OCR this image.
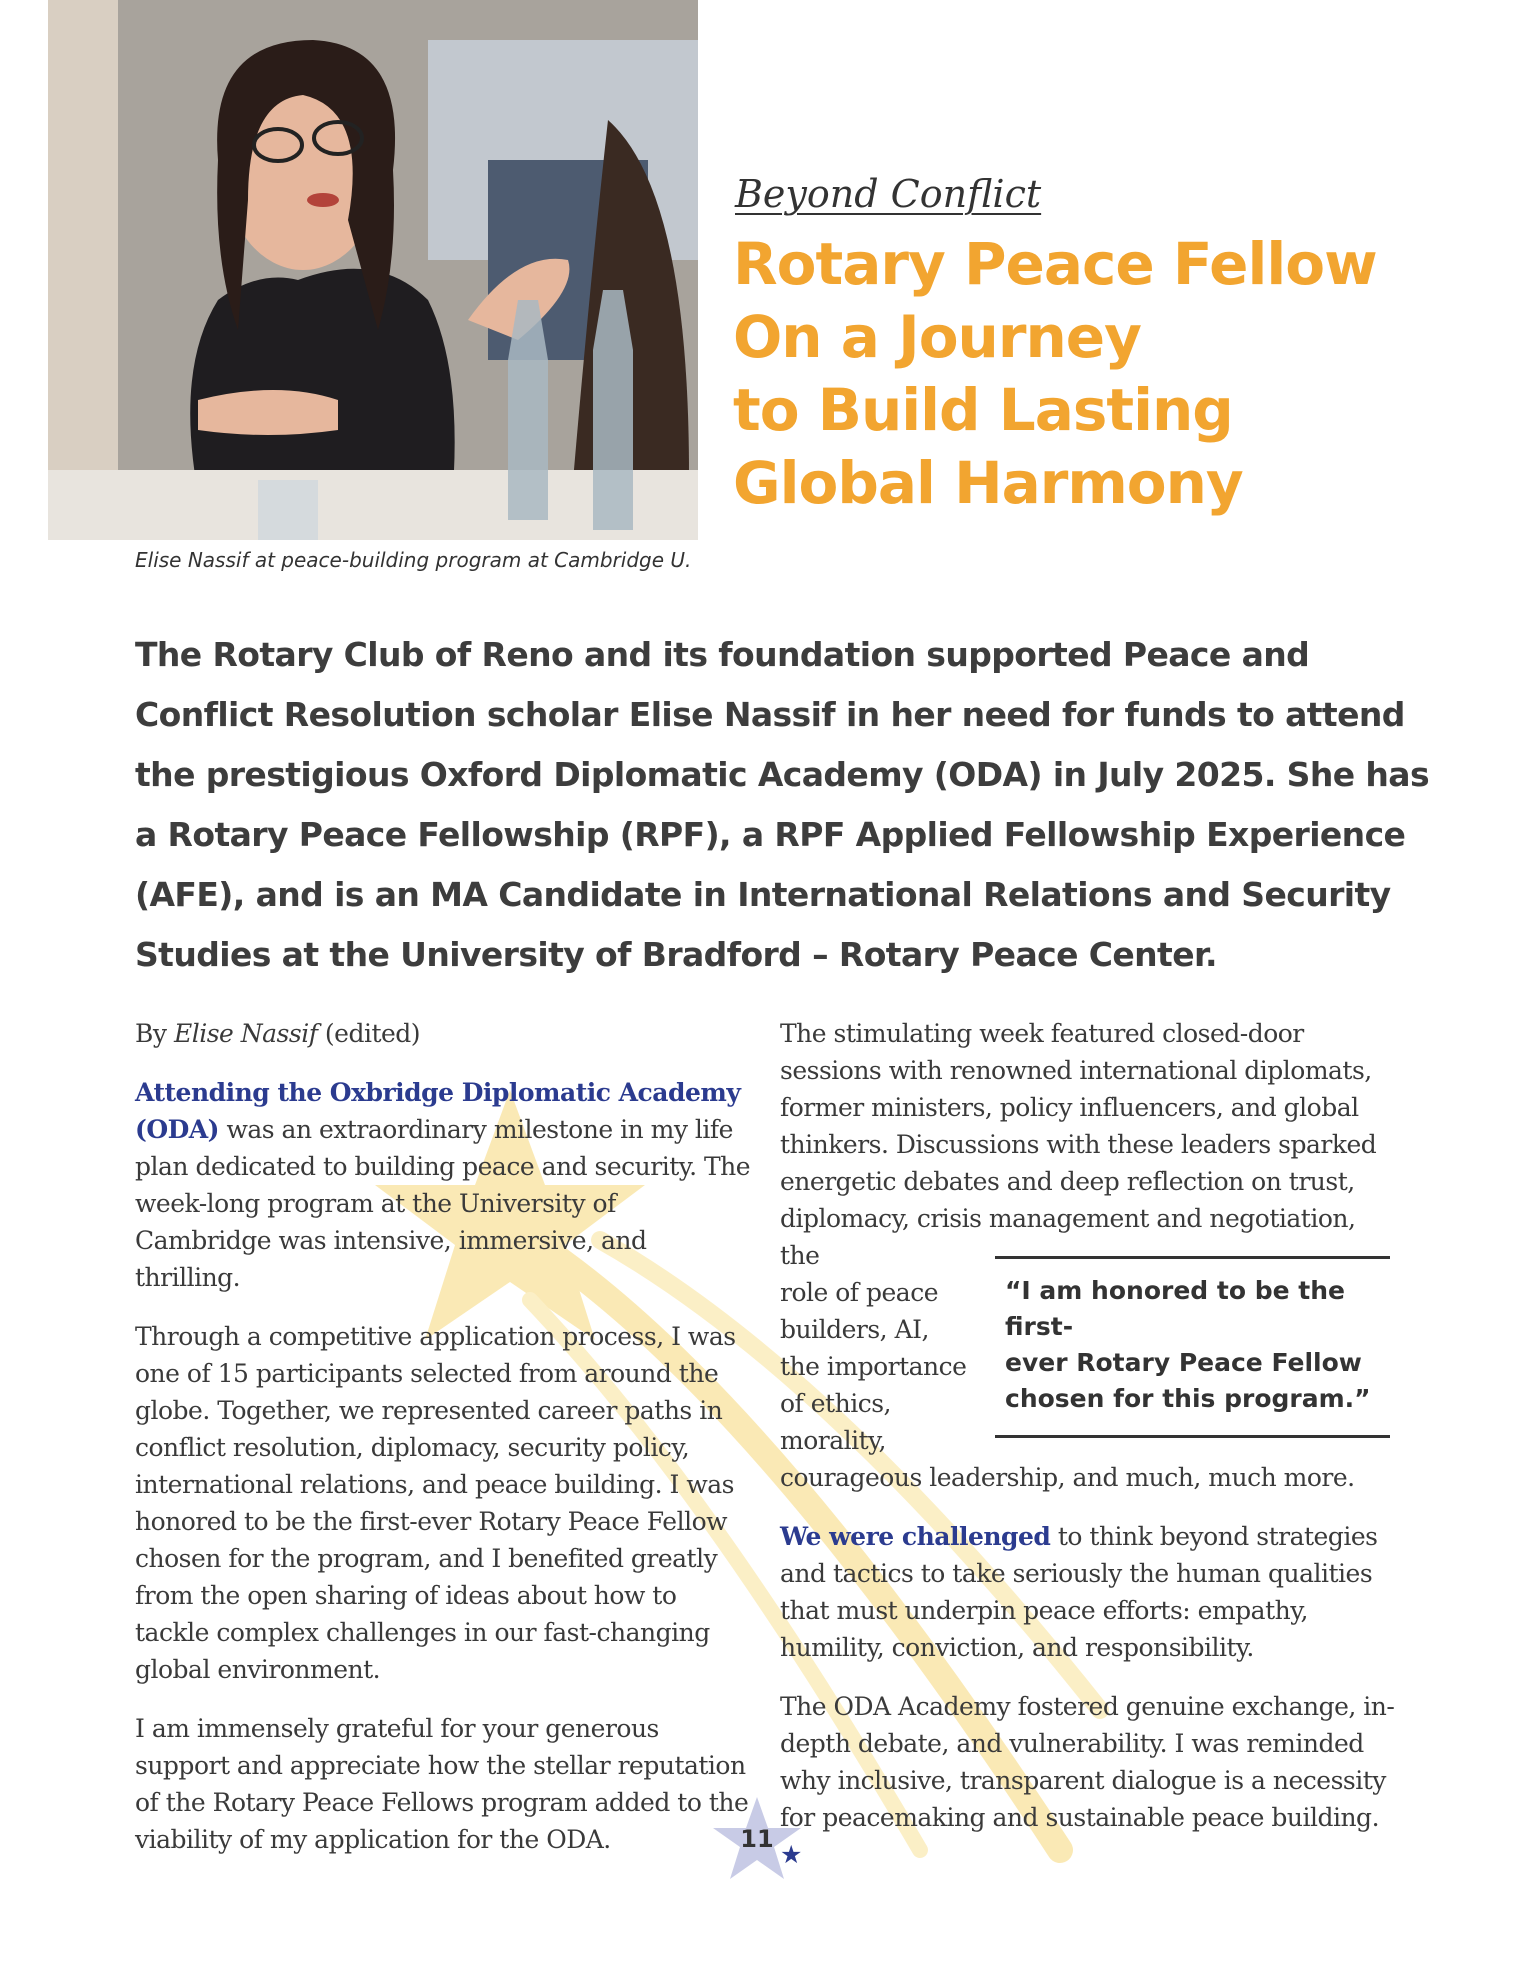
Elise Nassif at peace-building program at Cambridge U.
Beyond Conflict
Rotary Peace Fellow
On a Journey
to Build Lasting
Global Harmony
The Rotary Club of Reno and its foundation supported Peace and
Conflict Resolution scholar Elise Nassif in her need for funds to attend
the prestigious Oxford Diplomatic Academy (ODA) in July 2025. She has
a Rotary Peace Fellowship (RPF), a RPF Applied Fellowship Experience
(AFE), and is an MA Candidate in International Relations and Security
Studies at the University of Bradford – Rotary Peace Center.

By Elise Nassif (edited)

Attending the Oxbridge Diplomatic Academy (ODA) was an extraordinary milestone in my life plan dedicated to building peace and security. The week-long program at the University of Cambridge was intensive, immersive, and thrilling.

Through a competitive application process, I was one of 15 participants selected from around the globe. Together, we represented career paths in conflict resolution, diplomacy, security policy, international relations, and peace building. I was honored to be the first-ever Rotary Peace Fellow chosen for the program, and I benefited greatly from the open sharing of ideas about how to tackle complex challenges in our fast-changing global environment.

I am immensely grateful for your generous support and appreciate how the stellar reputation of the Rotary Peace Fellows program added to the viability of my application for the ODA.

The stimulating week featured closed-door
sessions with renowned international diplomats,
former ministers, policy influencers, and global
thinkers. Discussions with these leaders sparked
energetic debates and deep reflection on trust,
diplomacy, crisis management and negotiation, the
role of peace
builders, AI,
the importance
of ethics,
morality,
courageous leadership, and much, much more.

We were challenged to think beyond strategies and tactics to take seriously the human qualities that must underpin peace efforts: empathy, humility, conviction, and responsibility.

The ODA Academy fostered genuine exchange, in-depth debate, and vulnerability. I was reminded why inclusive, transparent dialogue is a necessity for peacemaking and sustainable peace building. ★

“I am honored to be the first-
ever Rotary Peace Fellow
chosen for this program.”
11
